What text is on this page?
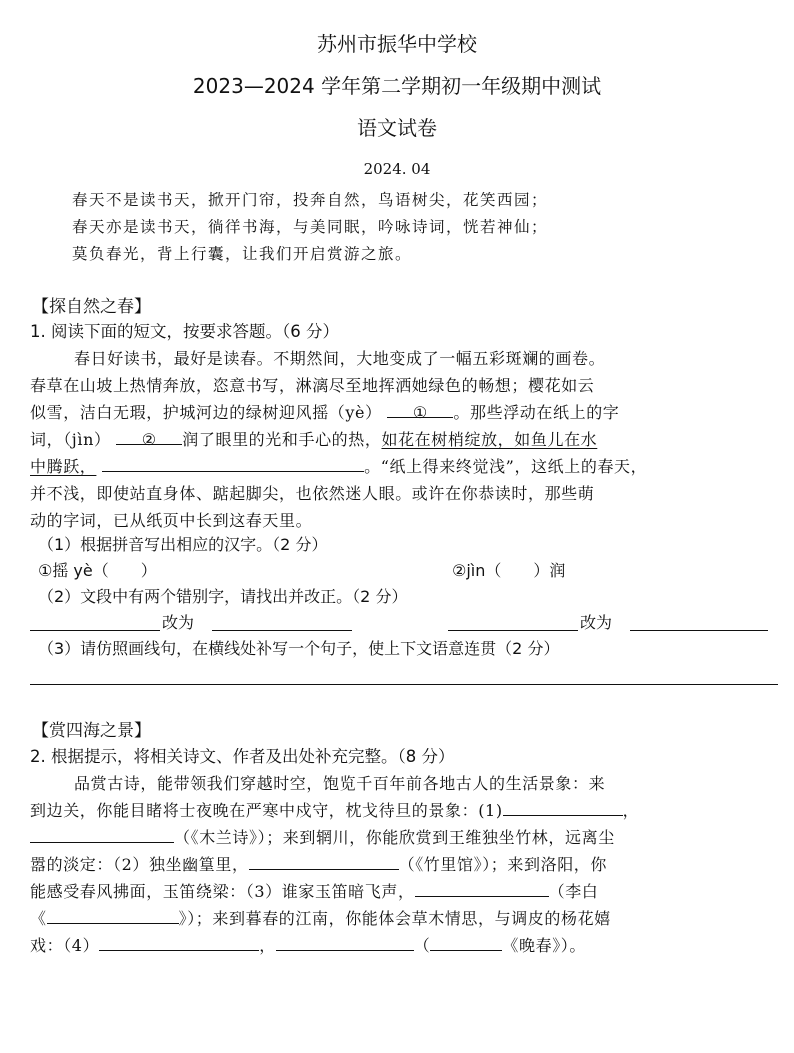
苏州市振华中学校
2023—2024 学年第二学期初一年级期中测试
语文试卷
2024. 04
春天不是读书天，掀开门帘，投奔自然，鸟语树尖，花笑西园；
春天亦是读书天，徜徉书海，与美同眠，吟咏诗词，恍若神仙；
莫负春光，背上行囊，让我们开启赏游之旅。
【探自然之春】
1. 阅读下面的短文，按要求答题。（6 分）
春日好读书，最好是读春。不期然间，大地变成了一幅五彩斑斓的画卷。
春草在山坡上热情奔放，恣意书写，淋漓尽至地挥洒她绿色的畅想；樱花如云
似雪，洁白无瑕，护城河边的绿树迎风摇（yè） ① 。那些浮动在纸上的字
词，（jìn） ② 润了眼里的光和手心的热，如花在树梢绽放，如鱼儿在水
中腾跃，	。“纸上得来终觉浅”，这纸上的春天，
并不浅，即使站直身体、踮起脚尖，也依然迷人眼。或许在你恭读时，那些萌
动的字词，已从纸页中长到这春天里。
（1）根据拼音写出相应的汉字。（2 分）
①摇 yè（　　）	②jìn（　　）润
（2）文段中有两个错别字，请找出并改正。（2 分）
改为	改为
（3）请仿照画线句，在横线处补写一个句子，使上下文语意连贯（2 分）
【赏四海之景】
2. 根据提示，将相关诗文、作者及出处补充完整。（8 分）
品赏古诗，能带领我们穿越时空，饱览千百年前各地古人的生活景象：来
到边关，你能目睹将士夜晚在严寒中戍守，枕戈待旦的景象：(1)	，
（《木兰诗》）；来到辋川，你能欣赏到王维独坐竹林，远离尘
嚣的淡定：（2）独坐幽篁里，	（《竹里馆》）；来到洛阳，你
能感受春风拂面，玉笛绕梁：（3）谁家玉笛暗飞声，	（李白
《	》）；来到暮春的江南，你能体会草木情思，与调皮的杨花嬉
戏：（4）	，	（	《晚春》）。
